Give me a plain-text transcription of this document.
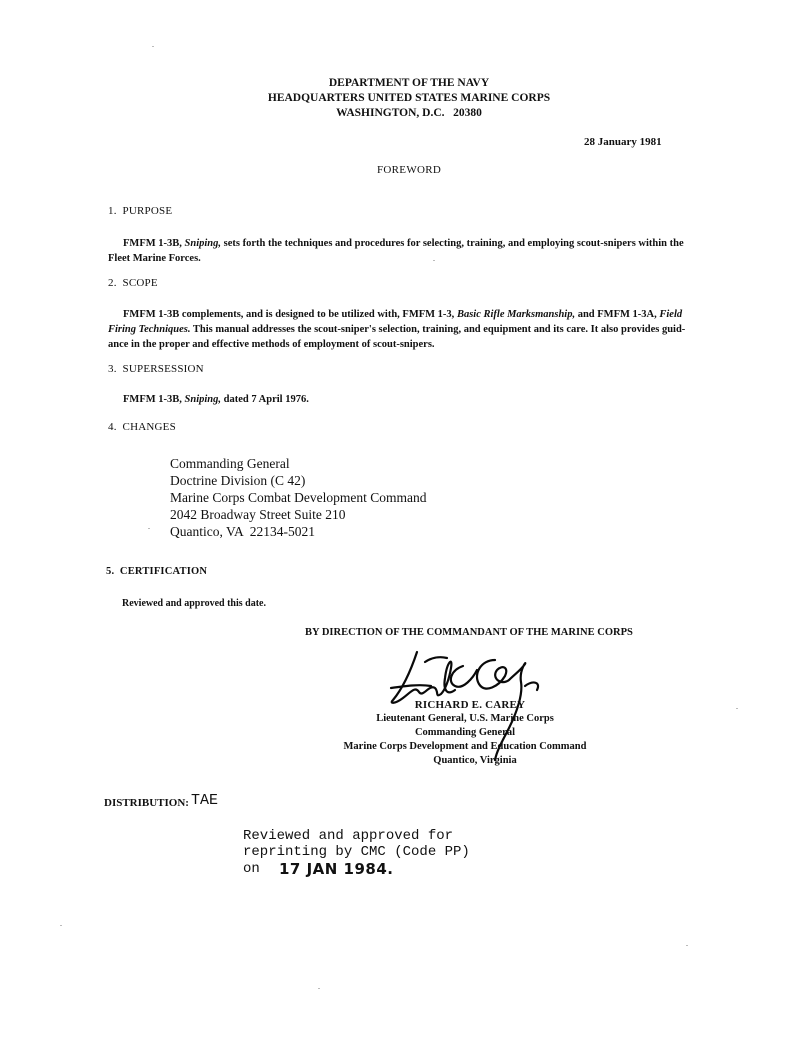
DEPARTMENT OF THE NAVY
HEADQUARTERS UNITED STATES MARINE CORPS
WASHINGTON, D.C.   20380
28 January 1981
FOREWORD
1.  PURPOSE
FMFM 1-3B, Sniping, sets forth the techniques and procedures for selecting, training, and employing scout-snipers within the
Fleet Marine Forces.
2.  SCOPE
FMFM 1-3B complements, and is designed to be utilized with, FMFM 1-3, Basic Rifle Marksmanship, and FMFM 1-3A, Field
Firing Techniques. This manual addresses the scout-sniper's selection, training, and equipment and its care. It also provides guid-
ance in the proper and effective methods of employment of scout-snipers.
3.  SUPERSESSION
FMFM 1-3B, Sniping, dated 7 April 1976.
4.  CHANGES
Commanding General
Doctrine Division (C 42)
Marine Corps Combat Development Command
2042 Broadway Street Suite 210
Quantico, VA  22134-5021
5.  CERTIFICATION
Reviewed and approved this date.
BY DIRECTION OF THE COMMANDANT OF THE MARINE CORPS
RICHARD E. CAREY
Lieutenant General, U.S. Marine Corps
Commanding General
Marine Corps Development and Education Command
Quantico, Virginia
DISTRIBUTION: TAE
Reviewed and approved for
reprinting by CMC (Code PP)
on 17 JAN 1984.
